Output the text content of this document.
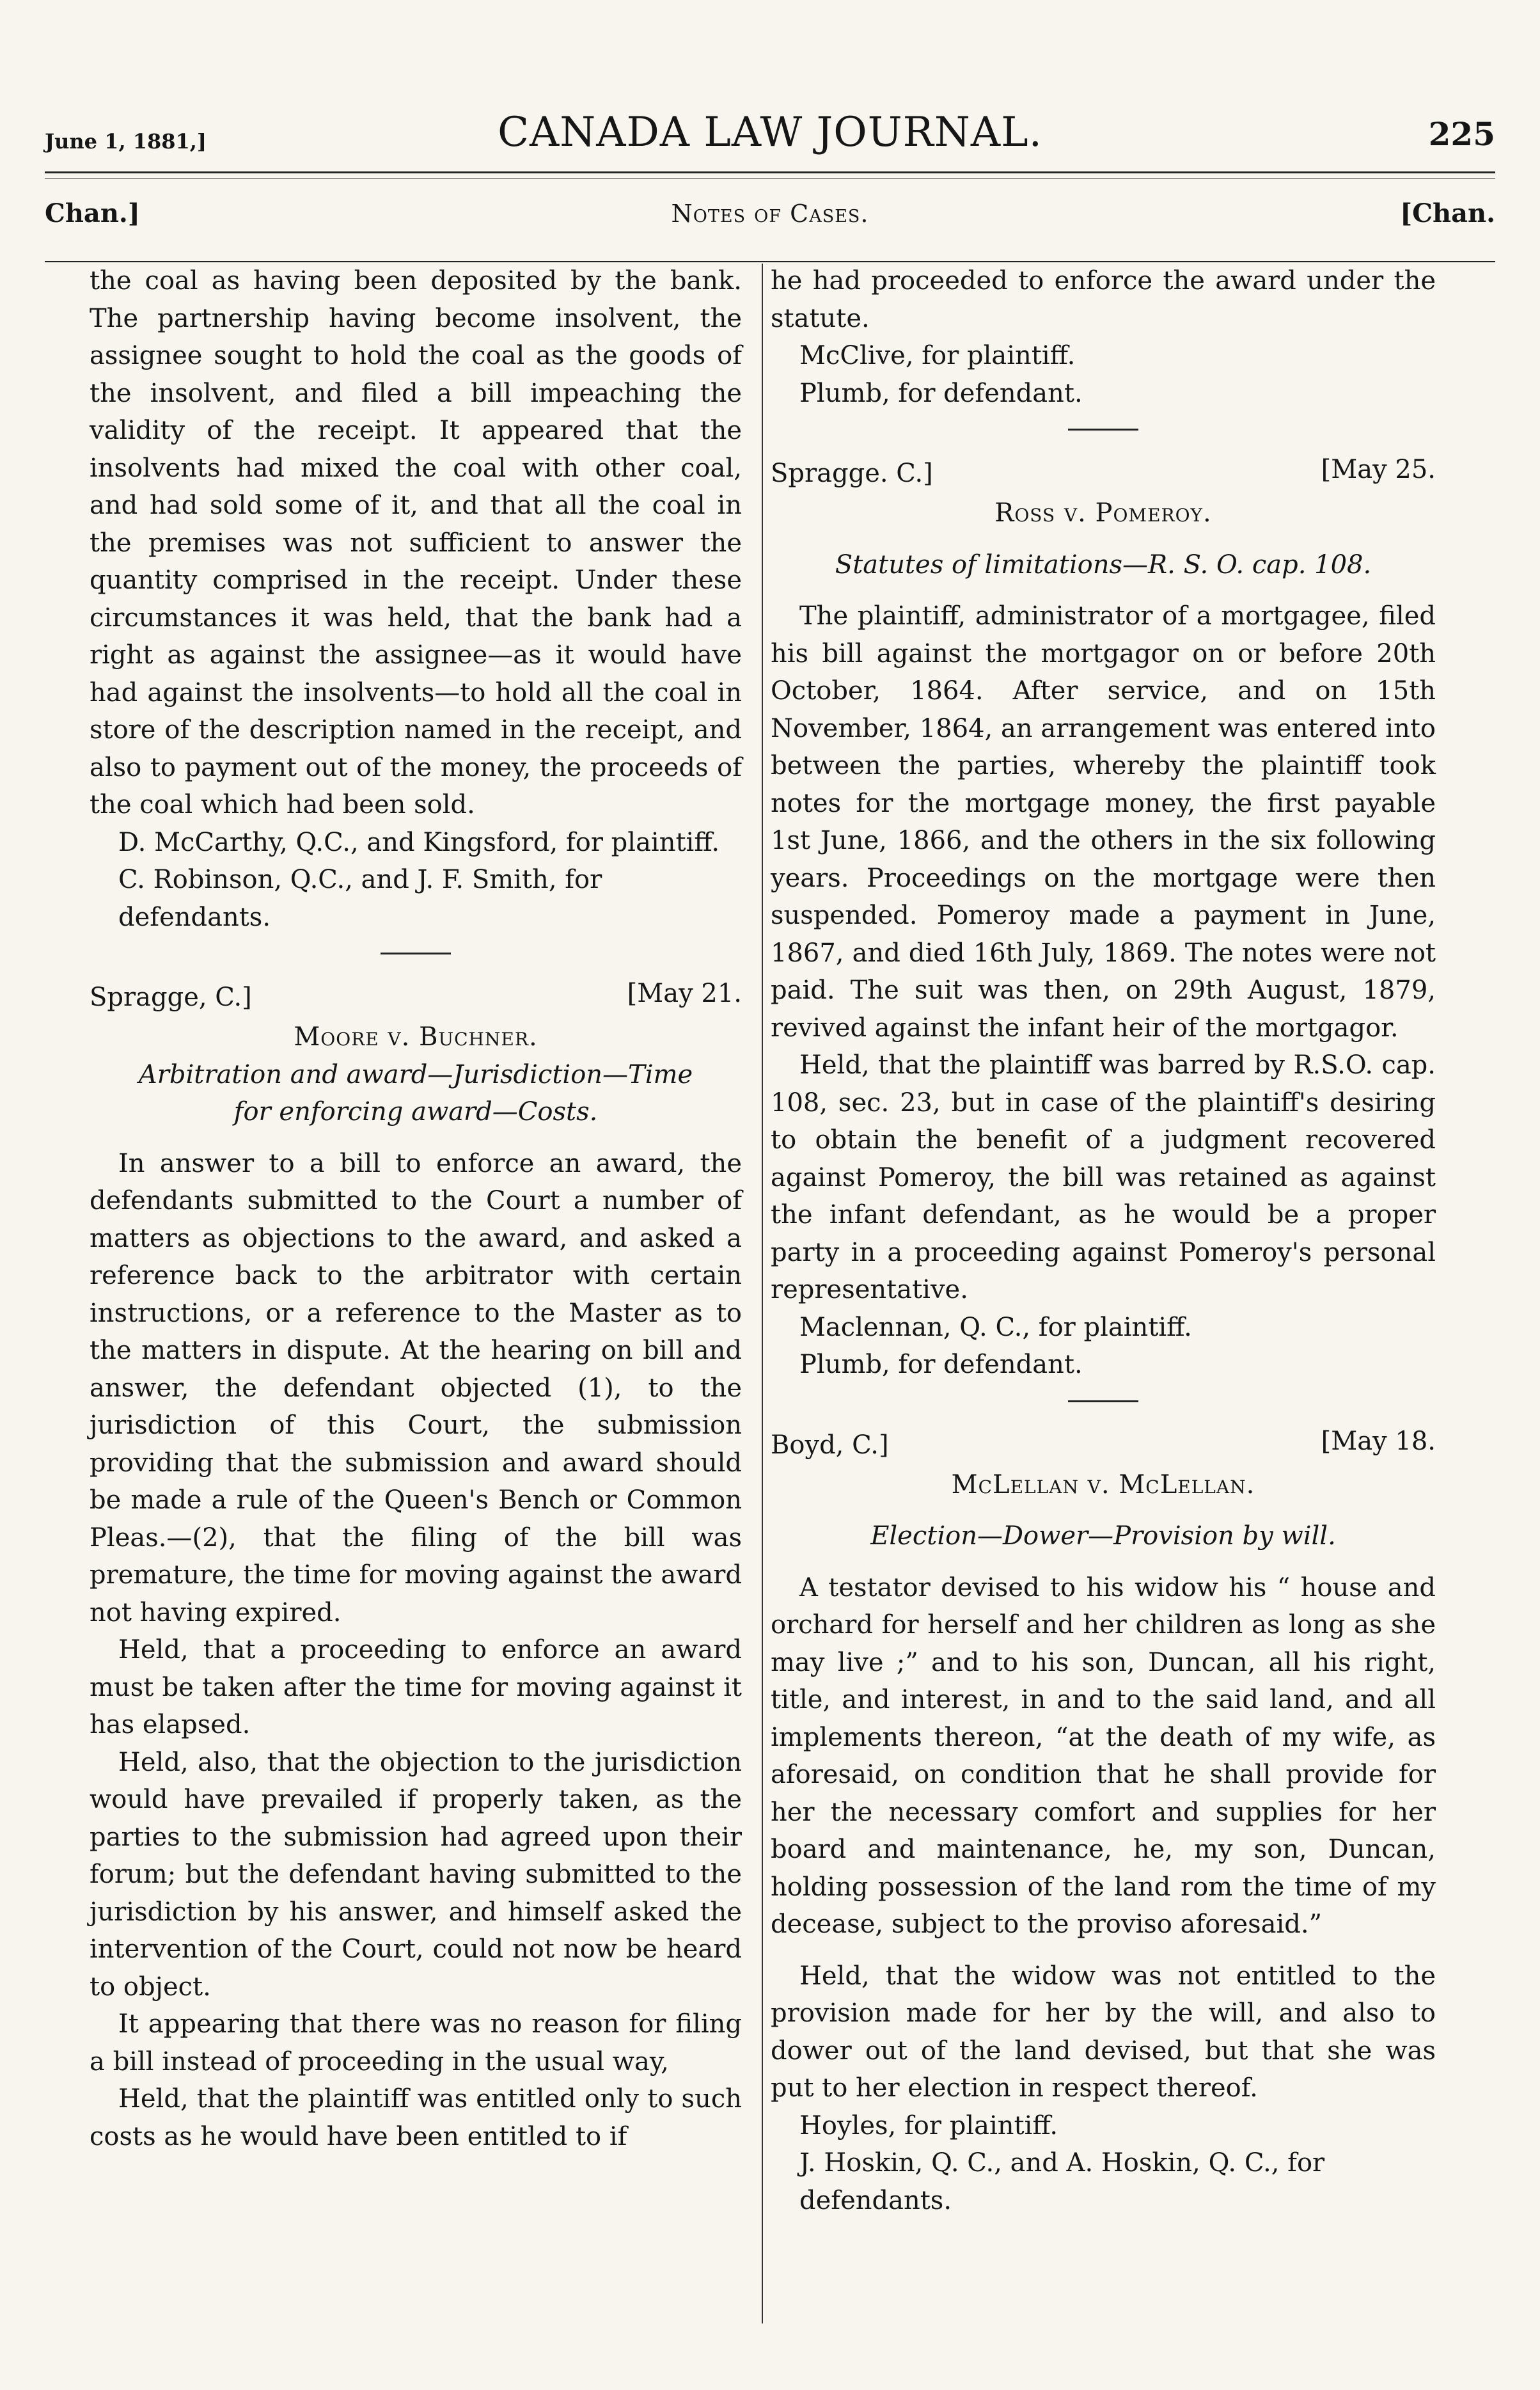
June 1, 1881,]	CANADA LAW JOURNAL.	225
Chan.]	Notes of Cases.	[Chan.

the coal as having been deposited by the bank. The partnership having become insolvent, the assignee sought to hold the coal as the goods of the insolvent, and filed a bill impeaching the validity of the receipt. It appeared that the insolvents had mixed the coal with other coal, and had sold some of it, and that all the coal in the premises was not sufficient to answer the quantity comprised in the receipt. Under these circumstances it was held, that the bank had a right as against the assignee—as it would have had against the insolvents—to hold all the coal in store of the description named in the receipt, and also to payment out of the money, the proceeds of the coal which had been sold.

D. McCarthy, Q.C., and Kingsford, for plaintiff.

C. Robinson, Q.C., and J. F. Smith, for defendants.

Spragge, C.]	[May 21.

Moore v. Buchner.

Arbitration and award—Jurisdiction—Time

for enforcing award—Costs.

In answer to a bill to enforce an award, the defendants submitted to the Court a number of matters as objections to the award, and asked a reference back to the arbitrator with certain instructions, or a reference to the Master as to the matters in dispute. At the hearing on bill and answer, the defendant objected (1), to the jurisdiction of this Court, the submission providing that the submission and award should be made a rule of the Queen's Bench or Common Pleas.—(2), that the filing of the bill was premature, the time for moving against the award not having expired.

Held, that a proceeding to enforce an award must be taken after the time for moving against it has elapsed.

Held, also, that the objection to the jurisdiction would have prevailed if properly taken, as the parties to the submission had agreed upon their forum; but the defendant having submitted to the jurisdiction by his answer, and himself asked the intervention of the Court, could not now be heard to object.

It appearing that there was no reason for filing a bill instead of proceeding in the usual way,

Held, that the plaintiff was entitled only to such costs as he would have been entitled to if

he had proceeded to enforce the award under the statute.

McClive, for plaintiff.

Plumb, for defendant.

Spragge. C.]	[May 25.

Ross v. Pomeroy.

Statutes of limitations—R. S. O. cap. 108.

The plaintiff, administrator of a mortgagee, filed his bill against the mortgagor on or before 20th October, 1864. After service, and on 15th November, 1864, an arrangement was entered into between the parties, whereby the plaintiff took notes for the mortgage money, the first payable 1st June, 1866, and the others in the six following years. Proceedings on the mortgage were then suspended. Pomeroy made a payment in June, 1867, and died 16th July, 1869. The notes were not paid. The suit was then, on 29th August, 1879, revived against the infant heir of the mortgagor.

Held, that the plaintiff was barred by R.S.O. cap. 108, sec. 23, but in case of the plaintiff's desiring to obtain the benefit of a judgment recovered against Pomeroy, the bill was retained as against the infant defendant, as he would be a proper party in a proceeding against Pomeroy's personal representative.

Maclennan, Q. C., for plaintiff.

Plumb, for defendant.

Boyd, C.]	[May 18.

McLellan v. McLellan.

Election—Dower—Provision by will.

A testator devised to his widow his “ house and orchard for herself and her children as long as she may live ;” and to his son, Duncan, all his right, title, and interest, in and to the said land, and all implements thereon, “at the death of my wife, as aforesaid, on condition that he shall provide for her the necessary comfort and supplies for her board and maintenance, he, my son, Duncan, holding possession of the land rom the time of my decease, subject to the proviso aforesaid.”

Held, that the widow was not entitled to the provision made for her by the will, and also to dower out of the land devised, but that she was put to her election in respect thereof.

Hoyles, for plaintiff.

J. Hoskin, Q. C., and A. Hoskin, Q. C., for defendants.
